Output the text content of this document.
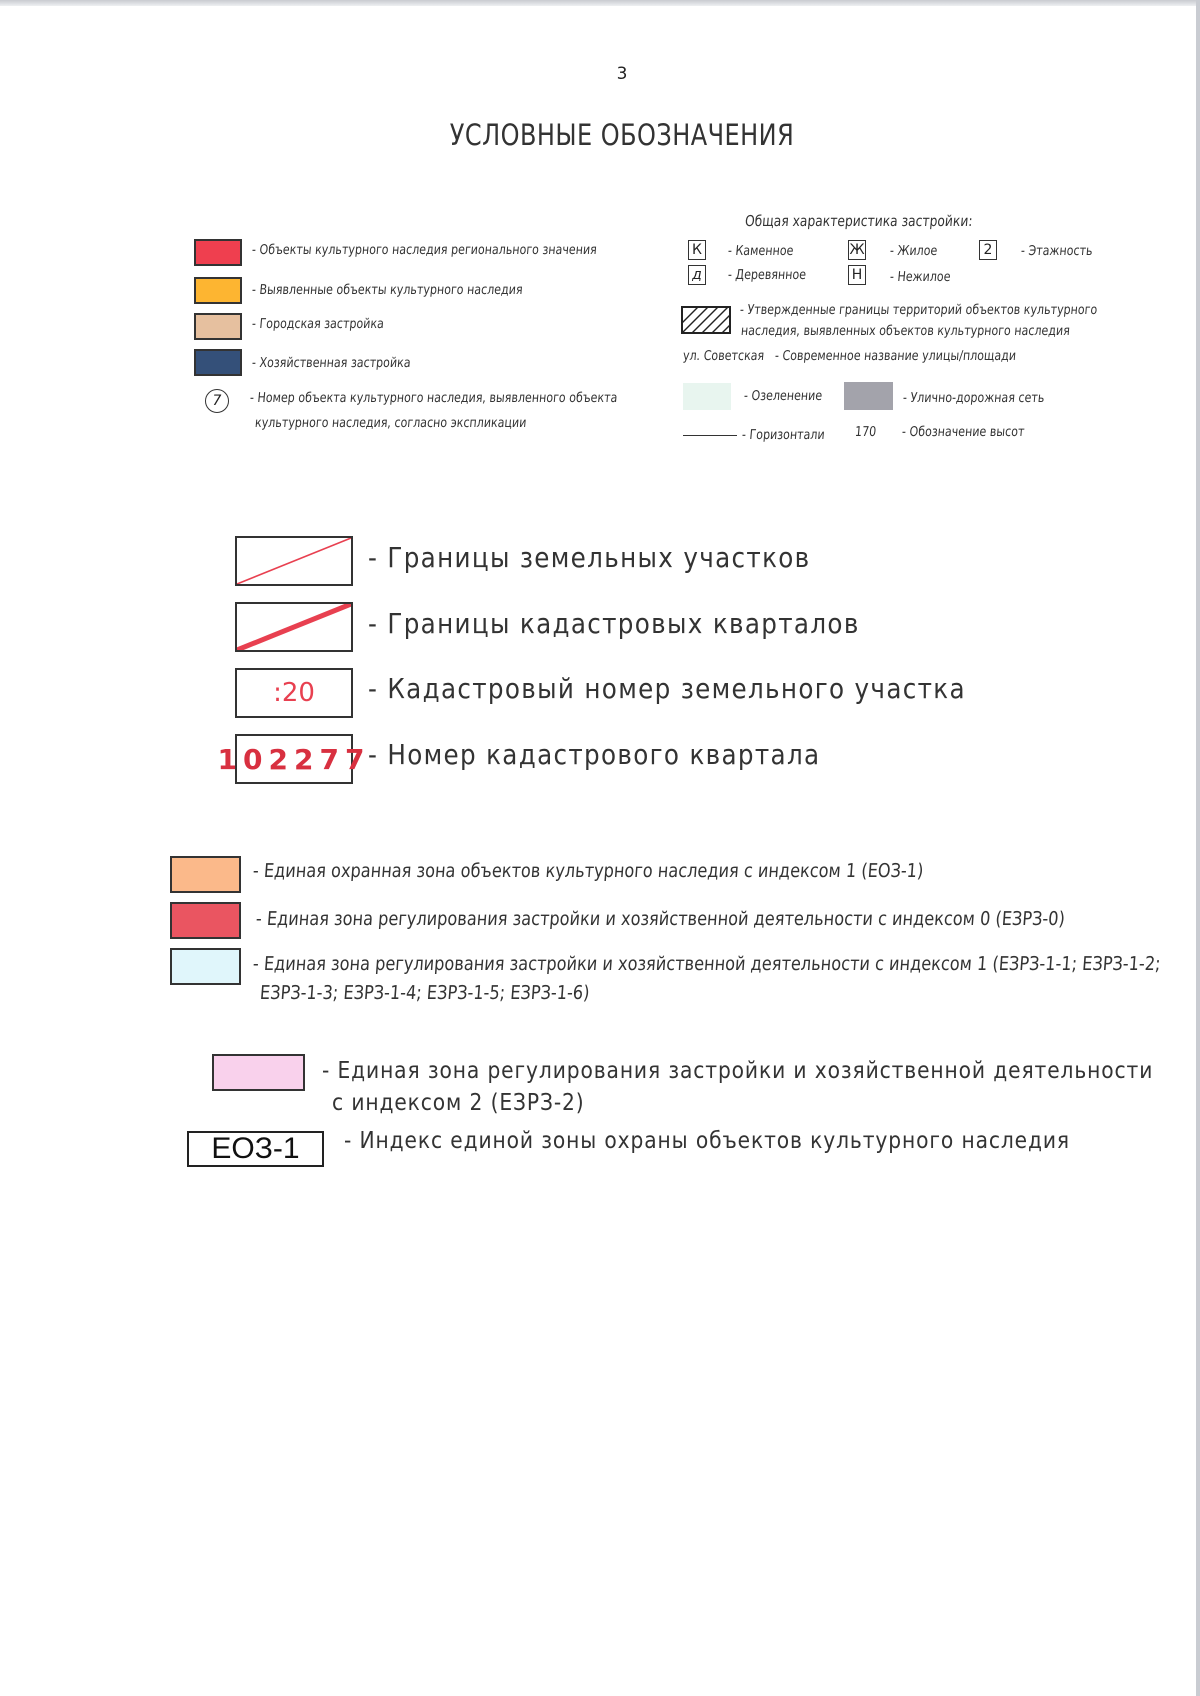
3
УСЛОВНЫЕ ОБОЗНАЧЕНИЯ
- Объекты культурного наследия регионального значения
- Выявленные объекты культурного наследия
- Городская застройка
- Хозяйственная застройка
7	- Номер объекта культурного наследия, выявленного объекта
культурного наследия, согласно экспликации
Общая характеристика застройки:
К - Каменное	Ж - Жилое	2	- Этажность
д	- Деревянное	Н - Нежилое
- Утвержденные границы территорий объектов культурного
наследия, выявленных объектов культурного наследия
ул. Советская - Современное название улицы/площади
- Озеленение	- Улично-дорожная сеть
- Горизонтали 170 - Обозначение высот
- Границы земельных участков
- Границы кадастровых кварталов
:20	- Кадастровый номер земельного участка
102277
- Номер кадастрового квартала
- Единая охранная зона объектов культурного наследия с индексом 1 (ЕОЗ-1)
- Единая зона регулирования застройки и хозяйственной деятельности с индексом 0 (ЕЗРЗ-0)
- Единая зона регулирования застройки и хозяйственной деятельности с индексом 1 (ЕЗРЗ-1-1; ЕЗРЗ-1-2;
ЕЗРЗ-1-3; ЕЗРЗ-1-4; ЕЗРЗ-1-5; ЕЗРЗ-1-6)
- Единая зона регулирования застройки и хозяйственной деятельности
с индексом 2 (ЕЗРЗ-2)
ЕОЗ-1	- Индекс единой зоны охраны объектов культурного наследия
